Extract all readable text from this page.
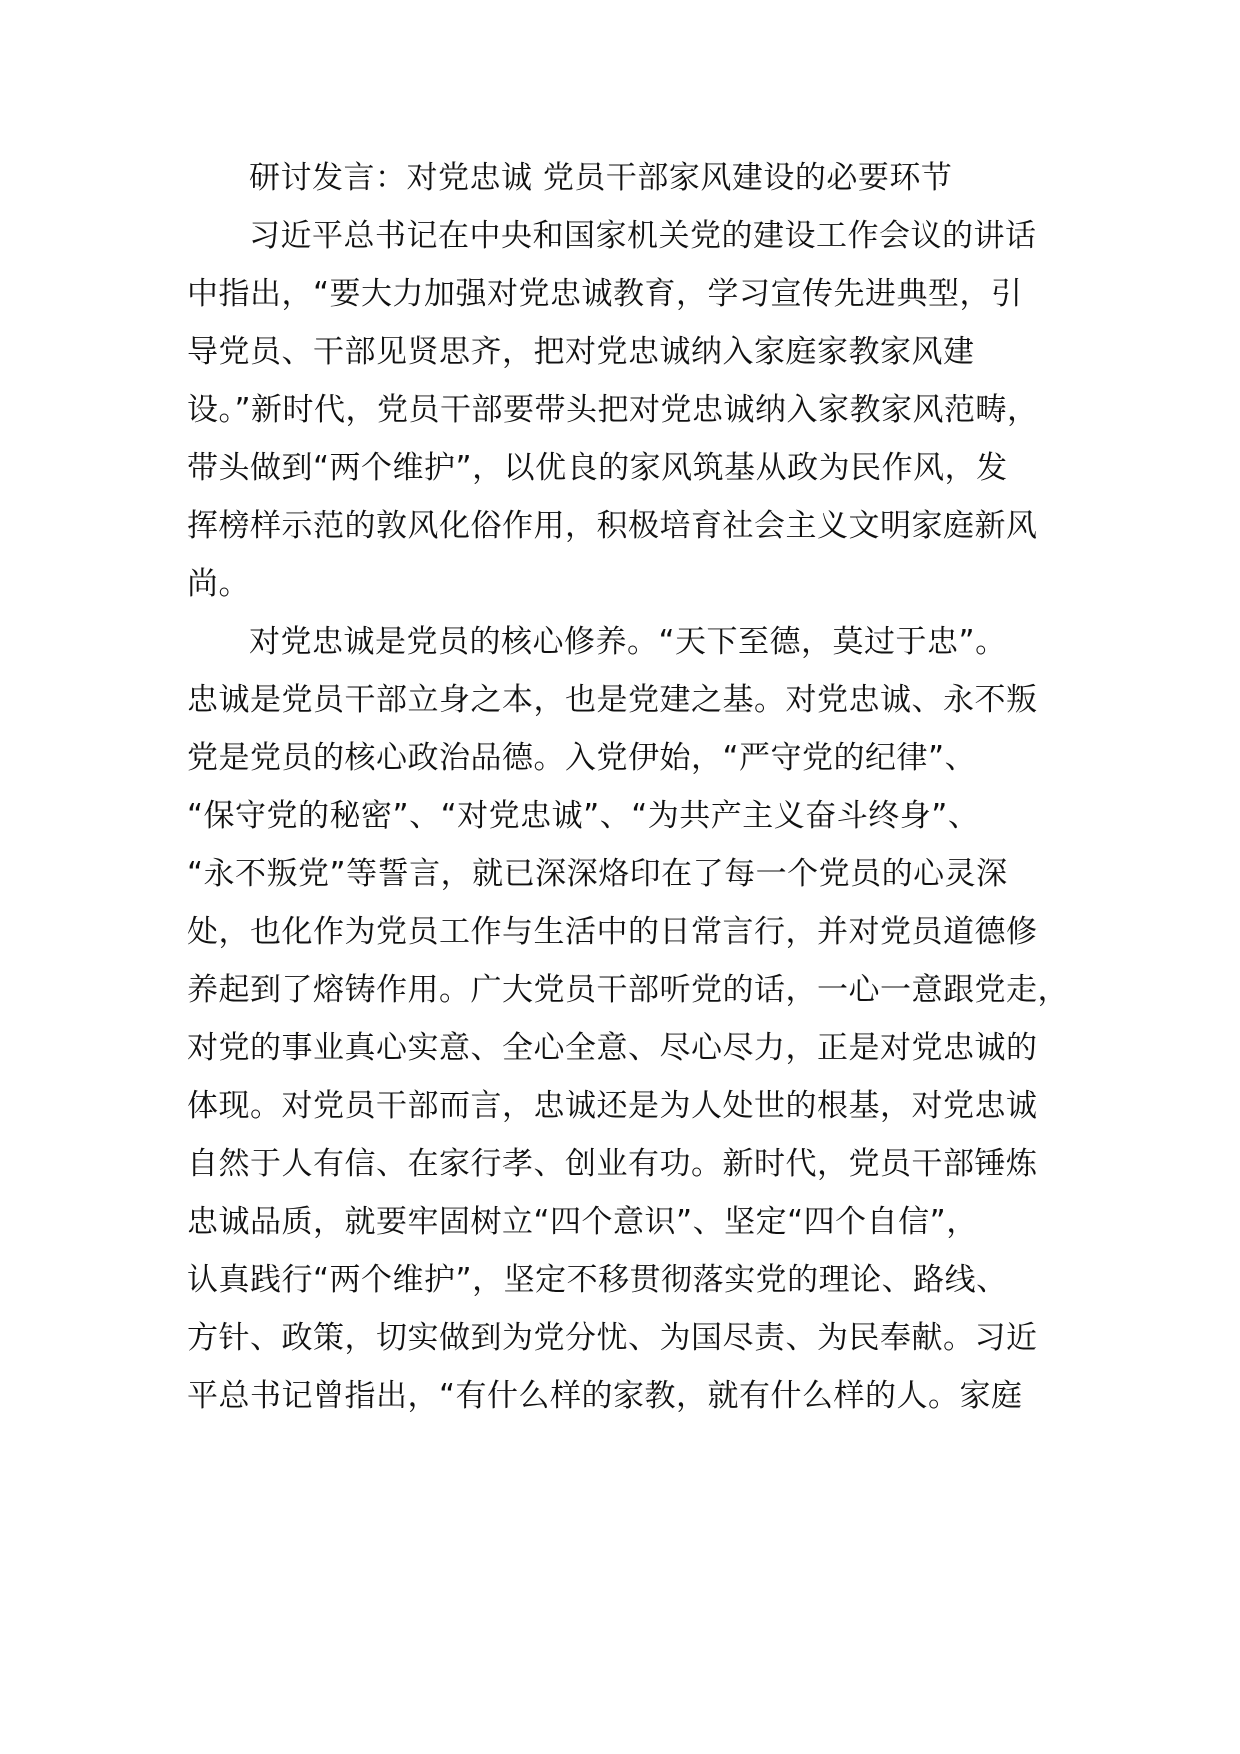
研讨发言：对党忠诚 党员干部家风建设的必要环节
习近平总书记在中央和国家机关党的建设工作会议的讲话
中指出，“要大力加强对党忠诚教育，学习宣传先进典型，引
导党员、干部见贤思齐，把对党忠诚纳入家庭家教家风建
设。”新时代，党员干部要带头把对党忠诚纳入家教家风范畴，
带头做到“两个维护”，以优良的家风筑基从政为民作风，发
挥榜样示范的敦风化俗作用，积极培育社会主义文明家庭新风
尚。
对党忠诚是党员的核心修养。“天下至德，莫过于忠”。
忠诚是党员干部立身之本，也是党建之基。对党忠诚、永不叛
党是党员的核心政治品德。入党伊始，“严守党的纪律”、
“保守党的秘密”、“对党忠诚”、“为共产主义奋斗终身”、
“永不叛党”等誓言，就已深深烙印在了每一个党员的心灵深
处，也化作为党员工作与生活中的日常言行，并对党员道德修
养起到了熔铸作用。广大党员干部听党的话，一心一意跟党走，
对党的事业真心实意、全心全意、尽心尽力，正是对党忠诚的
体现。对党员干部而言，忠诚还是为人处世的根基，对党忠诚
自然于人有信、在家行孝、创业有功。新时代，党员干部锤炼
忠诚品质，就要牢固树立“四个意识”、坚定“四个自信”，
认真践行“两个维护”，坚定不移贯彻落实党的理论、路线、
方针、政策，切实做到为党分忧、为国尽责、为民奉献。习近
平总书记曾指出，“有什么样的家教，就有什么样的人。家庭
